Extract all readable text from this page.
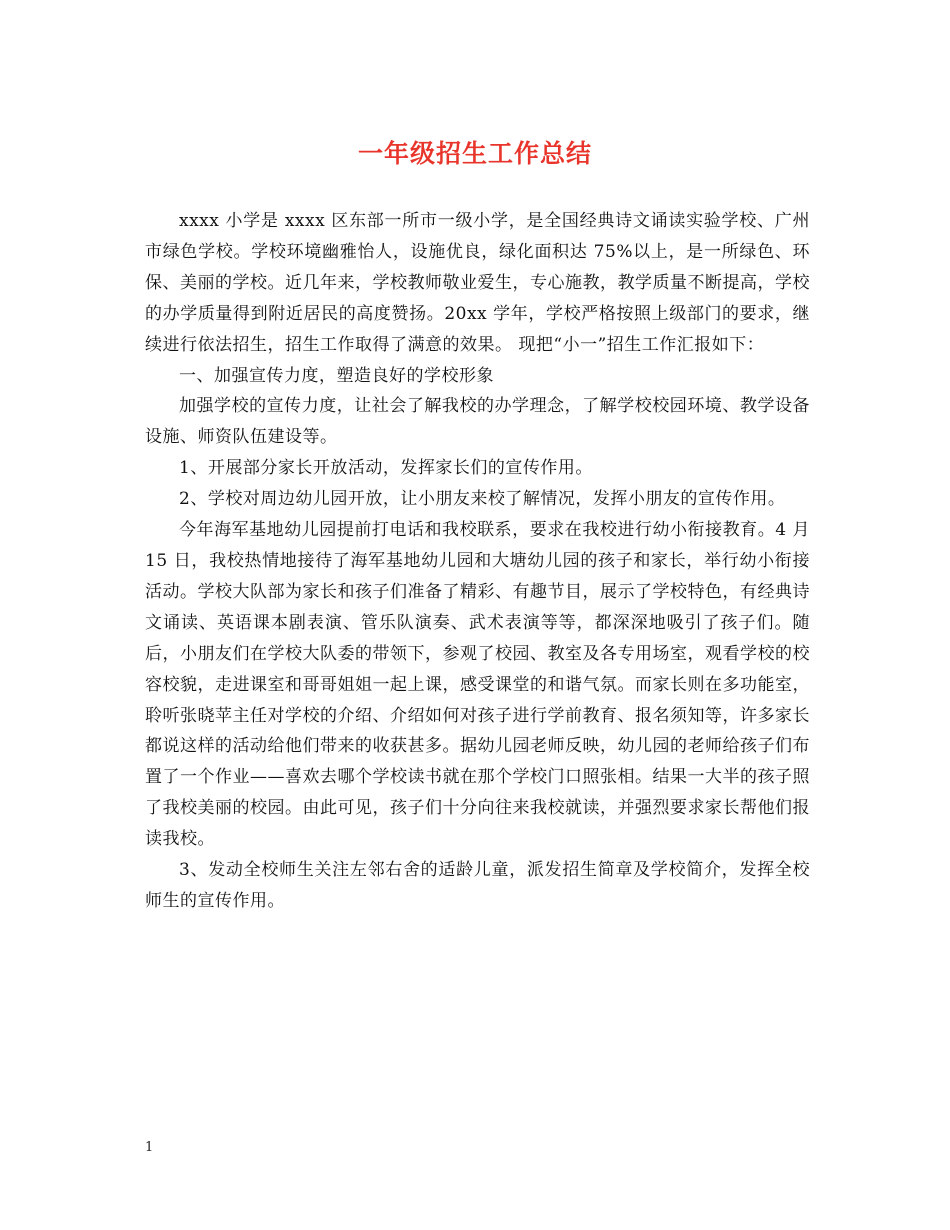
一年级招生工作总结

xxxx 小学是 xxxx 区东部一所市一级小学，是全国经典诗文诵读实验学校、广州市绿色学校。学校环境幽雅怡人，设施优良，绿化面积达 75%以上，是一所绿色、环保、美丽的学校。近几年来，学校教师敬业爱生，专心施教，教学质量不断提高，学校的办学质量得到附近居民的高度赞扬。20xx 学年，学校严格按照上级部门的要求，继续进行依法招生，招生工作取得了满意的效果。 现把“小一”招生工作汇报如下：

一、加强宣传力度，塑造良好的学校形象

加强学校的宣传力度，让社会了解我校的办学理念，了解学校校园环境、教学设备设施、师资队伍建设等。

1、开展部分家长开放活动，发挥家长们的宣传作用。

2、学校对周边幼儿园开放，让小朋友来校了解情况，发挥小朋友的宣传作用。

今年海军基地幼儿园提前打电话和我校联系，要求在我校进行幼小衔接教育。4 月 15 日，我校热情地接待了海军基地幼儿园和大塘幼儿园的孩子和家长，举行幼小衔接活动。学校大队部为家长和孩子们准备了精彩、有趣节目，展示了学校特色，有经典诗文诵读、英语课本剧表演、管乐队演奏、武术表演等等，都深深地吸引了孩子们。随后，小朋友们在学校大队委的带领下，参观了校园、教室及各专用场室，观看学校的校容校貌，走进课室和哥哥姐姐一起上课，感受课堂的和谐气氛。而家长则在多功能室，聆听张晓苹主任对学校的介绍、介绍如何对孩子进行学前教育、报名须知等，许多家长都说这样的活动给他们带来的收获甚多。据幼儿园老师反映，幼儿园的老师给孩子们布置了一个作业——喜欢去哪个学校读书就在那个学校门口照张相。结果一大半的孩子照了我校美丽的校园。由此可见，孩子们十分向往来我校就读，并强烈要求家长帮他们报读我校。

3、发动全校师生关注左邻右舍的适龄儿童，派发招生简章及学校简介，发挥全校师生的宣传作用。

1
